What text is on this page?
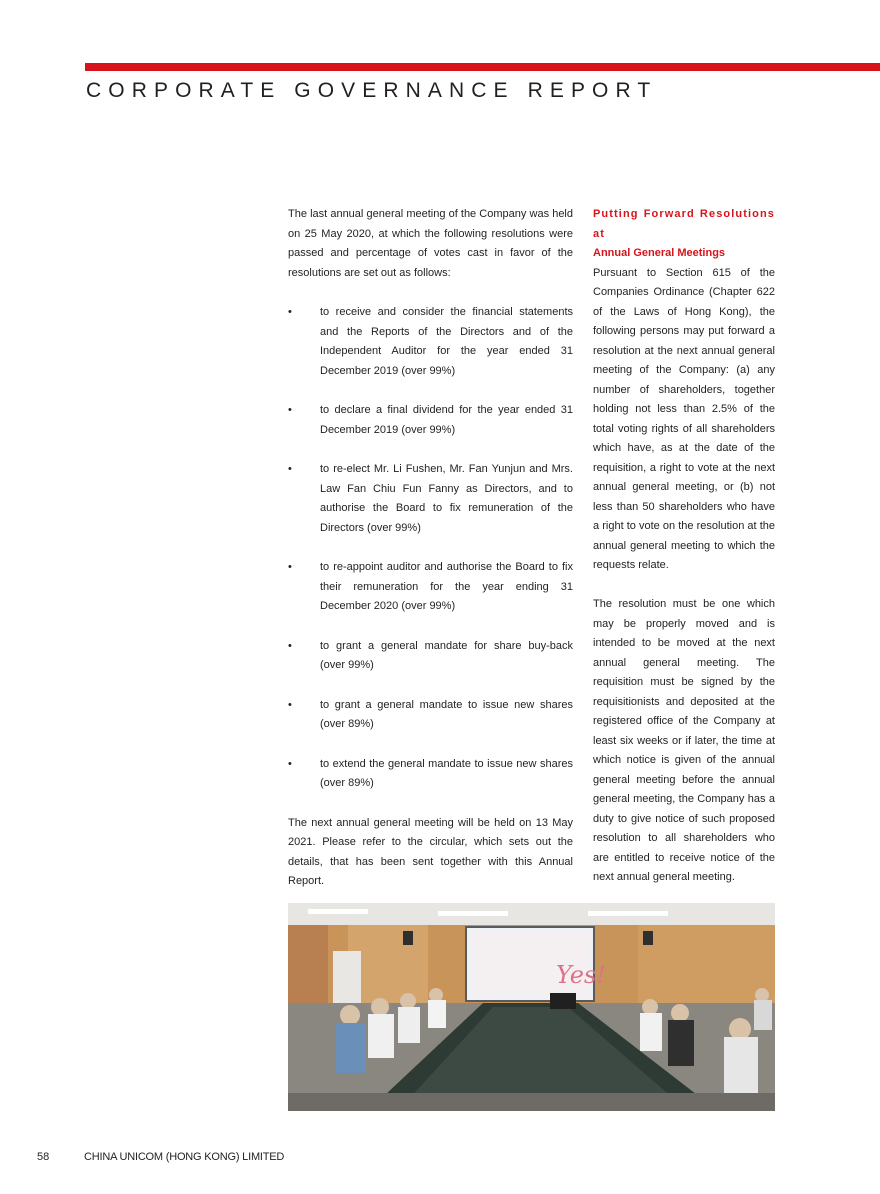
CORPORATE GOVERNANCE REPORT

The last annual general meeting of the Company was held on 25 May 2020, at which the following resolutions were passed and percentage of votes cast in favor of the resolutions are set out as follows:

•	to receive and consider the financial statements and the Reports of the Directors and of the Independent Auditor for the year ended 31 December 2019 (over 99%)
•	to declare a final dividend for the year ended 31 December 2019 (over 99%)
•	to re-elect Mr. Li Fushen, Mr. Fan Yunjun and Mrs. Law Fan Chiu Fun Fanny as Directors, and to authorise the Board to fix remuneration of the Directors (over 99%)
•	to re-appoint auditor and authorise the Board to fix their remuneration for the year ending 31 December 2020 (over 99%)
•	to grant a general mandate for share buy-back (over 99%)
•	to grant a general mandate to issue new shares (over 89%)
•	to extend the general mandate to issue new shares (over 89%)

The next annual general meeting will be held on 13 May 2021. Please refer to the circular, which sets out the details, that has been sent together with this Annual Report.

Putting Forward Resolutions at
Annual General Meetings

Pursuant to Section 615 of the Companies Ordinance (Chapter 622 of the Laws of Hong Kong), the following persons may put forward a resolution at the next annual general meeting of the Company: (a) any number of shareholders, together holding not less than 2.5% of the total voting rights of all shareholders which have, as at the date of the requisition, a right to vote at the next annual general meeting, or (b) not less than 50 shareholders who have a right to vote on the resolution at the annual general meeting to which the requests relate.

The resolution must be one which may be properly moved and is intended to be moved at the next annual general meeting. The requisition must be signed by the requisitionists and deposited at the registered office of the Company at least six weeks or if later, the time at which notice is given of the annual general meeting before the annual general meeting, the Company has a duty to give notice of such proposed resolution to all shareholders who are entitled to receive notice of the next annual general meeting.

Yes!
58	CHINA UNICOM (HONG KONG) LIMITED
